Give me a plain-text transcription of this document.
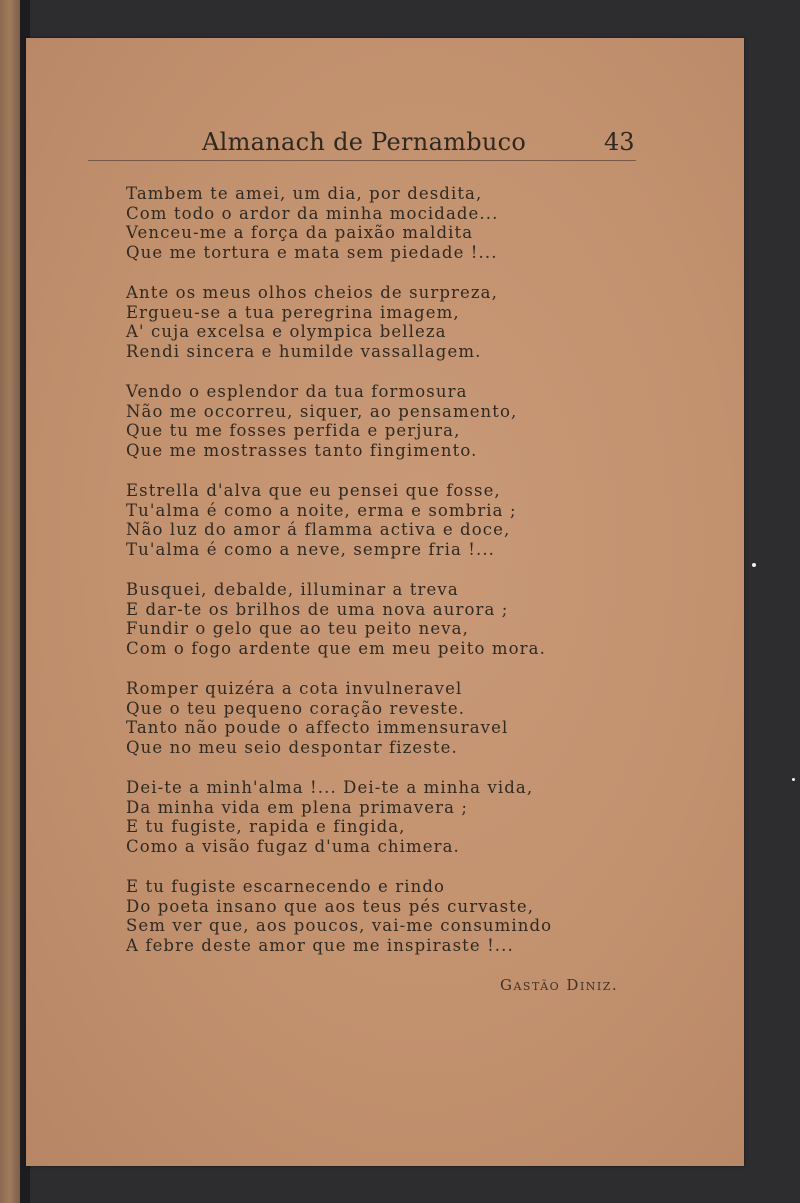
Almanach de Pernambuco	43
Tambem te amei, um dia, por desdita,
Com todo o ardor da minha mocidade...
Venceu-me a força da paixão maldita
Que me tortura e mata sem piedade !...
Ante os meus olhos cheios de surpreza,
Ergueu-se a tua peregrina imagem,
A' cuja excelsa e olympica belleza
Rendi sincera e humilde vassallagem.
Vendo o esplendor da tua formosura
Não me occorreu, siquer, ao pensamento,
Que tu me fosses perfida e perjura,
Que me mostrasses tanto fingimento.
Estrella d'alva que eu pensei que fosse,
Tu'alma é como a noite, erma e sombria ;
Não luz do amor á flamma activa e doce,
Tu'alma é como a neve, sempre fria !...
Busquei, debalde, illuminar a treva
E dar-te os brilhos de uma nova aurora ;
Fundir o gelo que ao teu peito neva,
Com o fogo ardente que em meu peito mora.
Romper quizéra a cota invulneravel
Que o teu pequeno coração reveste.
Tanto não poude o affecto immensuravel
Que no meu seio despontar fizeste.
Dei-te a minh'alma !... Dei-te a minha vida,
Da minha vida em plena primavera ;
E tu fugiste, rapida e fingida,
Como a visão fugaz d'uma chimera.
E tu fugiste escarnecendo e rindo
Do poeta insano que aos teus pés curvaste,
Sem ver que, aos poucos, vai-me consumindo
A febre deste amor que me inspiraste !...
Gastão Diniz.
